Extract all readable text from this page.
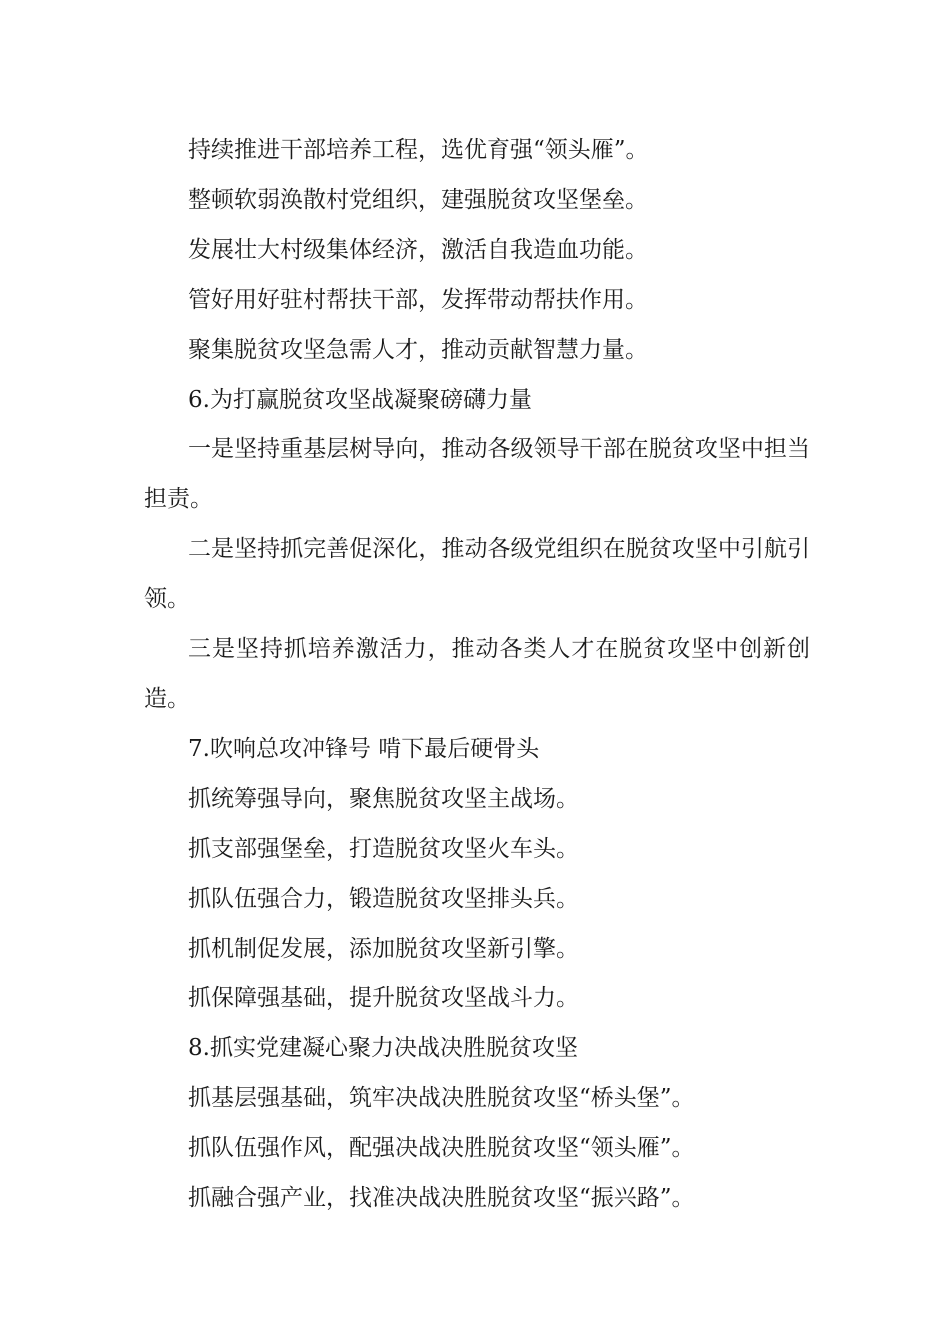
持续推进干部培养工程，选优育强“领头雁”。

整顿软弱涣散村党组织，建强脱贫攻坚堡垒。

发展壮大村级集体经济，激活自我造血功能。

管好用好驻村帮扶干部，发挥带动帮扶作用。

聚集脱贫攻坚急需人才，推动贡献智慧力量。

6.为打赢脱贫攻坚战凝聚磅礴力量

一是坚持重基层树导向，推动各级领导干部在脱贫攻坚中担当担责。

二是坚持抓完善促深化，推动各级党组织在脱贫攻坚中引航引领。

三是坚持抓培养激活力，推动各类人才在脱贫攻坚中创新创造。

7.吹响总攻冲锋号 啃下最后硬骨头

抓统筹强导向，聚焦脱贫攻坚主战场。

抓支部强堡垒，打造脱贫攻坚火车头。

抓队伍强合力，锻造脱贫攻坚排头兵。

抓机制促发展，添加脱贫攻坚新引擎。

抓保障强基础，提升脱贫攻坚战斗力。

8.抓实党建凝心聚力决战决胜脱贫攻坚

抓基层强基础，筑牢决战决胜脱贫攻坚“桥头堡”。

抓队伍强作风，配强决战决胜脱贫攻坚“领头雁”。

抓融合强产业，找准决战决胜脱贫攻坚“振兴路”。
